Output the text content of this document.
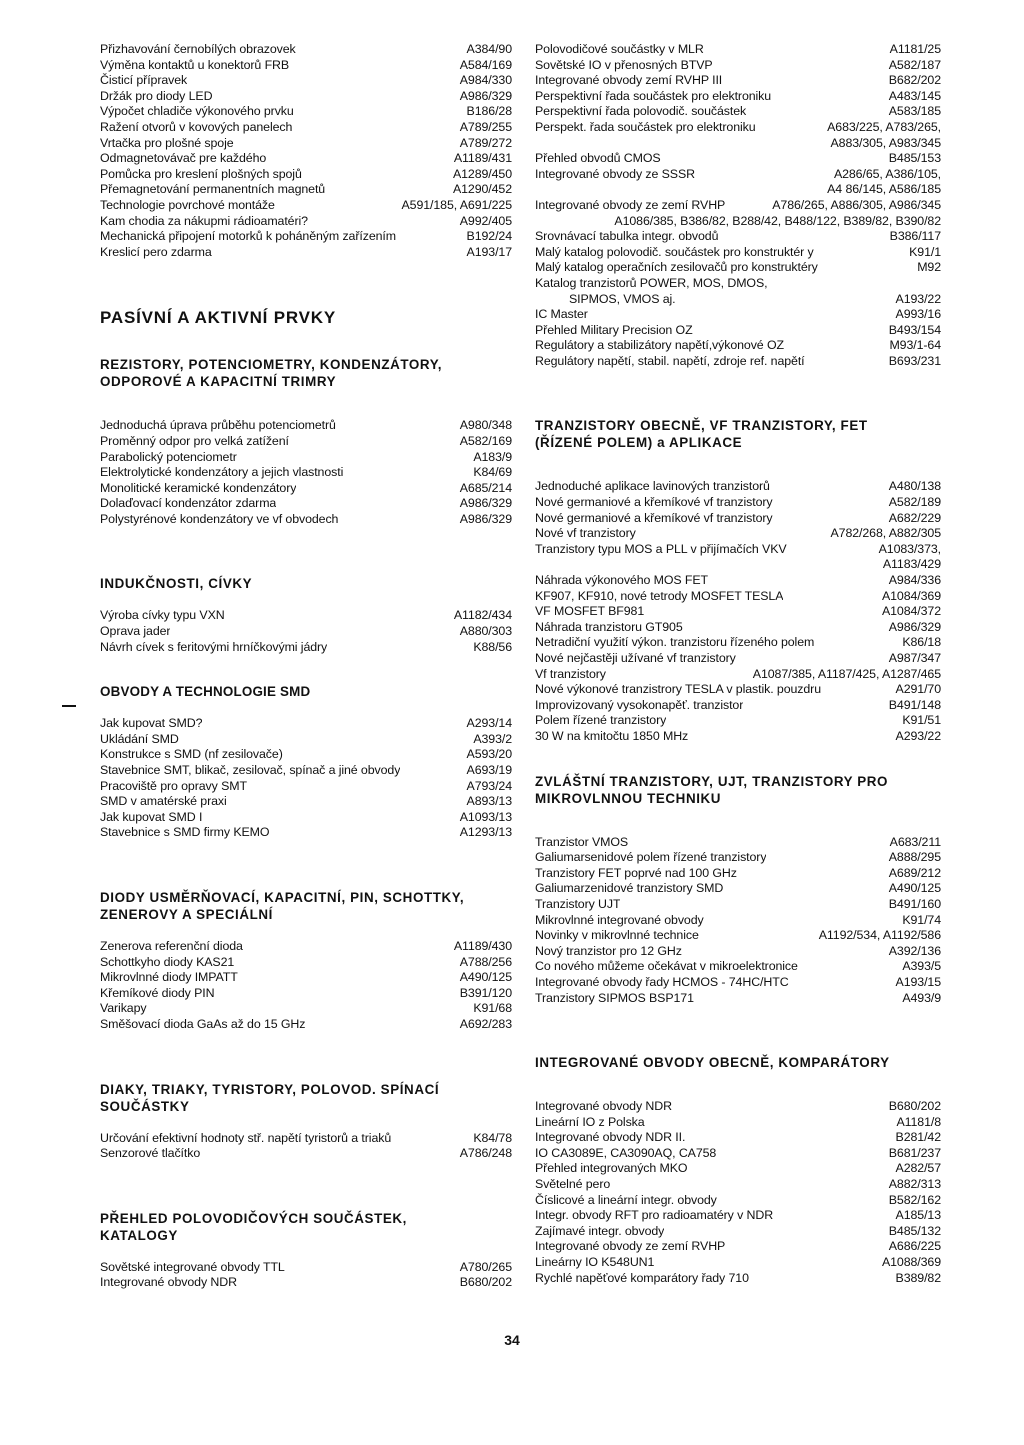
Přizhavování černobílých obrazovek	A384/90
Výměna kontaktů u konektorů FRB	A584/169
Čisticí přípravek	A984/330
Držák pro diody LED	A986/329
Výpočet chladiče výkonového prvku	B186/28
Ražení otvorů v kovových panelech	A789/255
Vrtačka pro plošné spoje	A789/272
Odmagnetovávač pre každého	A1189/431
Pomůcka pro kreslení plošných spojů	A1289/450
Přemagnetování permanentních magnetů	A1290/452
Technologie povrchové montáže	A591/185, A691/225
Kam chodia za nákupmi rádioamatéri?	A992/405
Mechanická připojení motorků k poháněným zařízením	B192/24
Kreslicí pero zdarma	A193/17
PASÍVNÍ A AKTIVNÍ PRVKY
REZISTORY, POTENCIOMETRY, KONDENZÁTORY,
ODPOROVÉ A KAPACITNÍ TRIMRY
Jednoduchá úprava průběhu potenciometrů	A980/348
Proměnný odpor pro velká zatížení	A582/169
Parabolický potenciometr	A183/9
Elektrolytické kondenzátory a jejich vlastnosti	K84/69
Monolitické keramické kondenzátory	A685/214
Dolaďovací kondenzátor zdarma	A986/329
Polystyrénové kondenzátory ve vf obvodech	A986/329
INDUKČNOSTI, CÍVKY
Výroba cívky typu VXN	A1182/434
Oprava jader	A880/303
Návrh cívek s feritovými hrníčkovými jádry	K88/56
OBVODY A TECHNOLOGIE SMD
Jak kupovat SMD?	A293/14
Ukládání SMD	A393/2
Konstrukce s SMD (nf zesilovače)	A593/20
Stavebnice SMT, blikač, zesilovač, spínač a jiné obvody	A693/19
Pracoviště pro opravy SMT	A793/24
SMD v amatérské praxi	A893/13
Jak kupovat SMD I	A1093/13
Stavebnice s SMD firmy KEMO	A1293/13
DIODY USMĚRŇOVACÍ, KAPACITNÍ, PIN, SCHOTTKY,
ZENEROVY A SPECIÁLNÍ
Zenerova referenční dioda	A1189/430
Schottkyho diody KAS21	A788/256
Mikrovlnné diody IMPATT	A490/125
Křemíkové diody PIN	B391/120
Varikapy	K91/68
Směšovací dioda GaAs až do 15 GHz	A692/283
DIAKY, TRIAKY, TYRISTORY, POLOVOD. SPÍNACÍ
SOUČÁSTKY
Určování efektivní hodnoty stř. napětí tyristorů a triaků	K84/78
Senzorové tlačítko	A786/248
PŘEHLED POLOVODIČOVÝCH SOUČÁSTEK,
KATALOGY
Sovětské integrované obvody TTL	A780/265
Integrované obvody NDR	B680/202
Polovodičové součástky v MLR	A1181/25
Sovětské IO v přenosných BTVP	A582/187
Integrované obvody zemí RVHP III	B682/202
Perspektivní řada součástek pro elektroniku	A483/145
Perspektivní řada polovodič. součástek	A583/185
Perspekt. řada součástek pro elektroniku	A683/225, A783/265,
A883/305, A983/345
Přehled obvodů CMOS	B485/153
Integrované obvody ze SSSR	A286/65, A386/105,
A4 86/145, A586/185
Integrované obvody ze zemí RVHP	A786/265, A886/305, A986/345
A1086/385, B386/82, B288/42, B488/122, B389/82, B390/82
Srovnávací tabulka integr. obvodů	B386/117
Malý katalog polovodič. součástek pro konstruktér y	K91/1
Malý katalog operačních zesilovačů pro konstruktéry	M92
Katalog tranzistorů POWER, MOS, DMOS,
SIPMOS, VMOS aj.	A193/22
IC Master	A993/16
Přehled Military Precision OZ	B493/154
Regulátory a stabilizátory napětí,výkonové OZ	M93/1-64
Regulátory napětí, stabil. napětí, zdroje ref. napětí	B693/231
TRANZISTORY OBECNĚ, VF TRANZISTORY, FET
(ŘÍZENÉ POLEM) a APLIKACE
Jednoduché aplikace lavinových tranzistorů	A480/138
Nové germaniové a křemíkové vf tranzistory	A582/189
Nové germaniové a křemíkové vf tranzistory	A682/229
Nové vf tranzistory	A782/268, A882/305
Tranzistory typu MOS a PLL v přijímačích VKV	A1083/373,
A1183/429
Náhrada výkonového MOS FET	A984/336
KF907, KF910, nové tetrody MOSFET TESLA	A1084/369
VF MOSFET BF981	A1084/372
Náhrada tranzistoru GT905	A986/329
Netradiční využití výkon. tranzistoru řízeného polem	K86/18
Nové nejčastěji užívané vf tranzistory	A987/347
Vf tranzistory	A1087/385, A1187/425, A1287/465
Nové výkonové tranzistrory TESLA v plastik. pouzdru	A291/70
Improvizovaný vysokonapěť. tranzistor	B491/148
Polem řízené tranzistory	K91/51
30 W na kmitočtu 1850 MHz	A293/22
ZVLÁŠTNÍ TRANZISTORY, UJT, TRANZISTORY PRO
MIKROVLNNOU TECHNIKU
Tranzistor VMOS	A683/211
Galiumarsenidové polem řízené tranzistory	A888/295
Tranzistory FET poprvé nad 100 GHz	A689/212
Galiumarzenidové tranzistory SMD	A490/125
Tranzistory UJT	B491/160
Mikrovlnné integrované obvody	K91/74
Novinky v mikrovlnné technice	A1192/534, A1192/586
Nový tranzistor pro 12 GHz	A392/136
Co nového můžeme očekávat v mikroelektronice	A393/5
Integrované obvody řady HCMOS - 74HC/HTC	A193/15
Tranzistory SIPMOS BSP171	A493/9
INTEGROVANÉ OBVODY OBECNĚ, KOMPARÁTORY
Integrované obvody NDR	B680/202
Lineární IO z Polska	A1181/8
Integrované obvody NDR II.	B281/42
IO CA3089E, CA3090AQ, CA758	B681/237
Přehled integrovaných MKO	A282/57
Světelné pero	A882/313
Číslicové a lineární integr. obvody	B582/162
Integr. obvody RFT pro radioamatéry v NDR	A185/13
Zajímavé integr. obvody	B485/132
Integrované obvody ze zemí RVHP	A686/225
Lineárny IO K548UN1	A1088/369
Rychlé napěťové komparátory řady 710	B389/82
34
